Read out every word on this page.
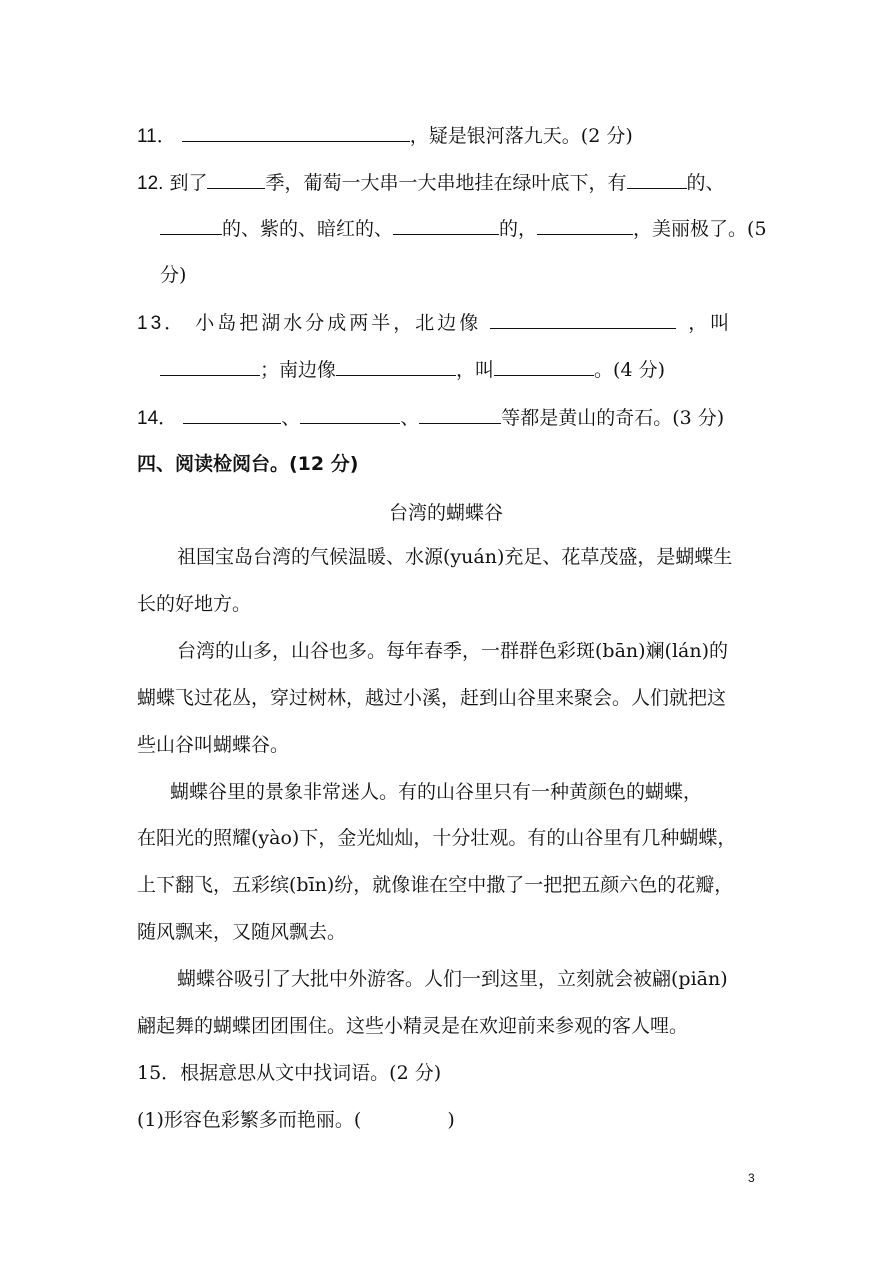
11．	，疑是银河落九天。(2 分)
12. 到了	季，葡萄一大串一大串地挂在绿叶底下，有	的、
的、紫的、暗红的、	的，	，美丽极了。(5
分)
13． 小岛把湖水分成两半，北边像	，叫
；南边像	，叫	。(4 分)
14．	、	、	等都是黄山的奇石。(3 分)
四、阅读检阅台。(12 分)
台湾的蝴蝶谷
祖国宝岛台湾的气候温暖、水源(yuán)充足、花草茂盛，是蝴蝶生
长的好地方。
台湾的山多，山谷也多。每年春季，一群群色彩斑(bān)斓(lán)的
蝴蝶飞过花丛，穿过树林，越过小溪，赶到山谷里来聚会。人们就把这
些山谷叫蝴蝶谷。
蝴蝶谷里的景象非常迷人。有的山谷里只有一种黄颜色的蝴蝶，
在阳光的照耀(yào)下，金光灿灿，十分壮观。有的山谷里有几种蝴蝶，
上下翻飞，五彩缤(bīn)纷，就像谁在空中撒了一把把五颜六色的花瓣，
随风飘来，又随风飘去。
蝴蝶谷吸引了大批中外游客。人们一到这里，立刻就会被翩(piān)
翩起舞的蝴蝶团团围住。这些小精灵是在欢迎前来参观的客人哩。
15．根据意思从文中找词语。(2 分)
(1)形容色彩繁多而艳丽。(	)
3
